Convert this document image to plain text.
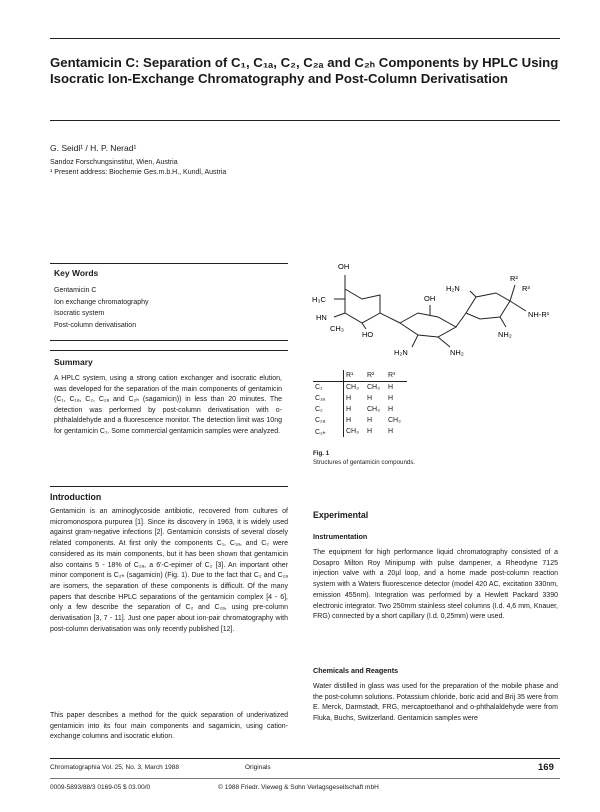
Gentamicin C: Separation of C₁, C₁ₐ, C₂, C₂ₐ and C₂ₕ Components by HPLC Using Isocratic Ion-Exchange Chromatography and Post-Column Derivatisation
G. Seidl¹ / H. P. Nerad¹
Sandoz Forschungsinstitut, Wien, Austria
¹ Present address: Biochemie Ges.m.b.H., Kundl, Austria
Key Words
Gentamicin C
Ion exchange chromatography
Isocratic system
Post-column derivatisation
Summary
A HPLC system, using a strong cation exchanger and isocratic elution, was developed for the separation of the main components of gentamicin (C₁, C₁ₐ, C₂, C₂ₐ and C₂ₕ (sagamicin)) in less than 20 minutes. The detection was performed by post-column derivatisation with o-phthalaldehyde and a fluorescence monitor. The detection limit was 10ng for gentamicin C₁. Some commercial gentamicin samples were analyzed.
OH
H₃C
HN
CH₃
HO
OH
H₂N
R²
R³
NH-R¹
H₂N	NH₂
NH₂
	R¹	R²	R³
C₁	CH₃	CH₃	H
C₁ₐ	H	H	H
C₂	H	CH₃	H
C₂ₐ	H	H	CH₃
C₂ₕ	CH₃	H	H
Fig. 1
Structures of gentamicin compounds.
Introduction
Gentamicin is an aminoglycoside antibiotic, recovered from cultures of micromonospora purpurea [1]. Since its discovery in 1963, it is widely used against gram-negative infections [2]. Gentamicin consists of several closely related components. At first only the components C₁, C₁ₐ, and C₂ were considered as its main components, but it has been shown that gentamicin also contains 5 - 18% of C₂ₐ, a 6'-C-epimer of C₂ [3]. An important other minor component is C₂ₕ (sagamicin) (Fig. 1). Due to the fact that C₂ and C₂ₐ are isomers, the separation of these components is difficult. Of the many papers that describe HPLC separations of the gentamicin complex [4 - 6], only a few describe the separation of C₂ and C₂ₐ, using pre-column derivatisation [3, 7 - 11]. Just one paper about ion-pair chromatography with post-column derivatisation was only recently published [12].
This paper describes a method for the quick separation of underivatized gentamicin into its four main components and sagamicin, using cation-exchange columns and isocratic elution.
Experimental
Instrumentation
The equipment for high performance liquid chromatography consisted of a Dosapro Milton Roy Minipump with pulse dampener, a Rheodyne 7125 injection valve with a 20µl loop, and a home made post-column reaction system with a Waters fluorescence detector (model 420 AC, excitation 330nm, emission 455nm). Integration was performed by a Hewlett Packard 3390 electronic integrator. Two 250mm stainless steel columns (I.d. 4,6 mm, Knauer, FRG) connected by a short capillary (I.d. 0,25mm) were used.
Chemicals and Reagents
Water distilled in glass was used for the preparation of the mobile phase and the post-column solutions. Potassium chloride, boric acid and Brij 35 were from E. Merck, Darmstadt, FRG, mercaptoethanol and o-phthalaldehyde were from Fluka, Buchs, Switzerland. Gentamicin samples were
Chromatographia Vol. 25, No. 3, March 1988	Originals	169
0009-5893/88/3 0169-05 $ 03.00/0	© 1988 Friedr. Vieweg & Sohn Verlagsgesellschaft mbH
